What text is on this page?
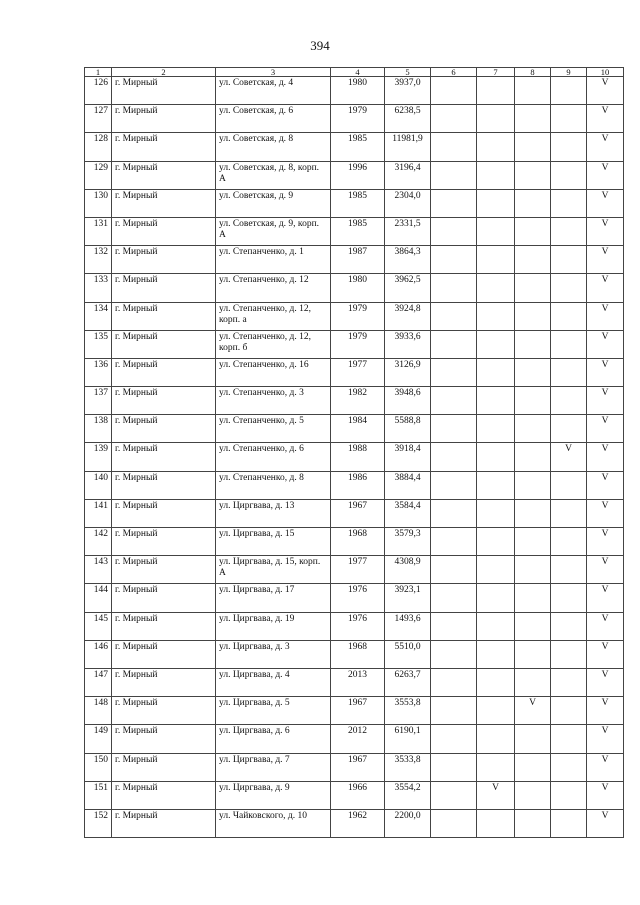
394
1	2	3	4	5	6	7	8	9	10
126	г. Мирный	ул. Советская, д. 4	1980	3937,0					V
127	г. Мирный	ул. Советская, д. 6	1979	6238,5					V
128	г. Мирный	ул. Советская, д. 8	1985	11981,9					V
129	г. Мирный	ул. Советская, д. 8, корп. А	1996	3196,4					V
130	г. Мирный	ул. Советская, д. 9	1985	2304,0					V
131	г. Мирный	ул. Советская, д. 9, корп. А	1985	2331,5					V
132	г. Мирный	ул. Степанченко, д. 1	1987	3864,3					V
133	г. Мирный	ул. Степанченко, д. 12	1980	3962,5					V
134	г. Мирный	ул. Степанченко, д. 12, корп. а	1979	3924,8					V
135	г. Мирный	ул. Степанченко, д. 12, корп. б	1979	3933,6					V
136	г. Мирный	ул. Степанченко, д. 16	1977	3126,9					V
137	г. Мирный	ул. Степанченко, д. 3	1982	3948,6					V
138	г. Мирный	ул. Степанченко, д. 5	1984	5588,8					V
139	г. Мирный	ул. Степанченко, д. 6	1988	3918,4				V	V
140	г. Мирный	ул. Степанченко, д. 8	1986	3884,4					V
141	г. Мирный	ул. Циргвава, д. 13	1967	3584,4					V
142	г. Мирный	ул. Циргвава, д. 15	1968	3579,3					V
143	г. Мирный	ул. Циргвава, д. 15, корп. А	1977	4308,9					V
144	г. Мирный	ул. Циргвава, д. 17	1976	3923,1					V
145	г. Мирный	ул. Циргвава, д. 19	1976	1493,6					V
146	г. Мирный	ул. Циргвава, д. 3	1968	5510,0					V
147	г. Мирный	ул. Циргвава, д. 4	2013	6263,7					V
148	г. Мирный	ул. Циргвава, д. 5	1967	3553,8			V		V
149	г. Мирный	ул. Циргвава, д. 6	2012	6190,1					V
150	г. Мирный	ул. Циргвава, д. 7	1967	3533,8					V
151	г. Мирный	ул. Циргвава, д. 9	1966	3554,2		V			V
152	г. Мирный	ул. Чайковского, д. 10	1962	2200,0					V
